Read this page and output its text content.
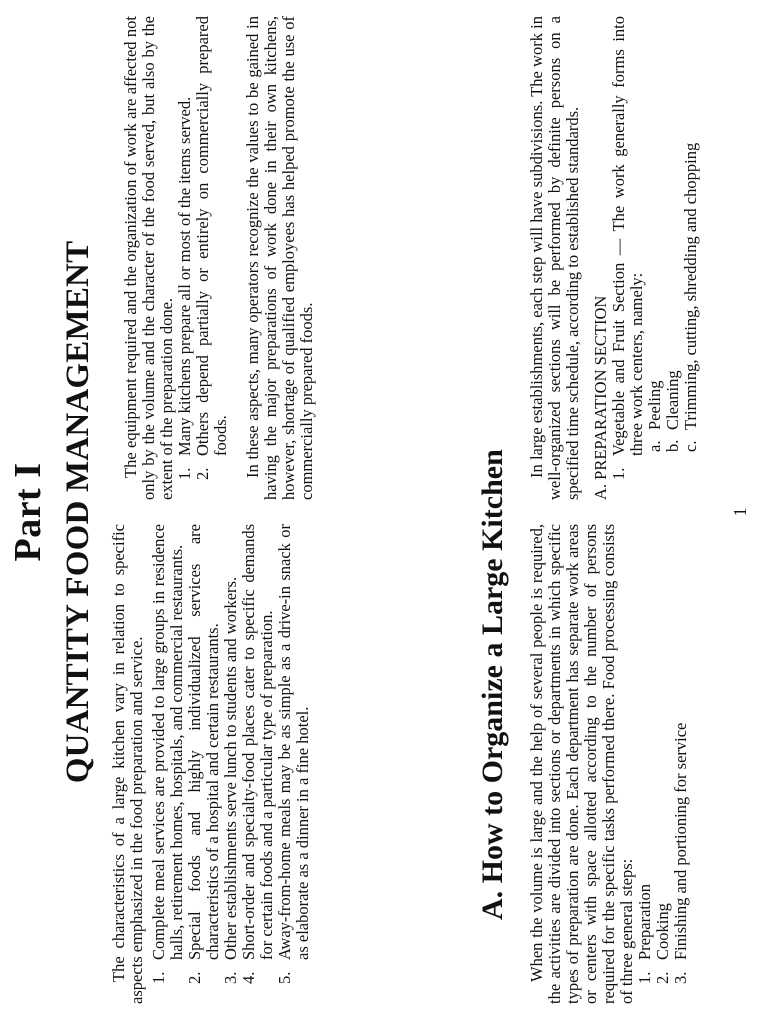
Part I QUANTITY FOOD MANAGEMENT The characteristics of a large kitchen vary in relation to specific aspects emphasized in the food preparation and service. 1.
Complete meal services are provided to large groups in residence halls, retirement homes, hospitals, and commercial restaurants.
2.
Special foods and highly individualized services are characteristics of a hospital and certain restaurants.
3.
Other establishments serve lunch to students and workers.
4.
Short-order and specialty-food places cater to specific demands for certain foods and a particular type of preparation.
5.
Away-from-home meals may be as simple as a drive-in snack or as elaborate as a dinner in a fine hotel.

The equipment required and the organization of work are affected not only by the volume and the character of the food served, but also by the extent of the preparation done. 1.
Many kitchens prepare all or most of the items served.
2.
Others depend partially or entirely on commercially prepared foods. In these aspects, many operators recognize the values to be gained in having the major preparations of work done in their own kitchens, however, shortage of qualified employees has helped promote the use of commercially prepared foods.

A. How to Organize a Large Kitchen When the volume is large and the help of several people is required, the activities are divided into sections or departments in which specific types of preparation are done. Each department has separate work areas or centers with space allotted according to the number of persons required for the specific tasks performed there. Food processing consists of three general steps: 1.
Preparation
2.
Cooking
3.
Finishing and portioning for service

In large establishments, each step will have subdivisions. The work in well-organized sections will be performed by definite persons on a specified time schedule, according to established standards. A. PREPARATION SECTION 1.
Vegetable and Fruit Section — The work generally forms into three work centers, namely: a.
Peeling
b.
Cleaning
c.
Trimming, cutting, shredding and chopping
1
